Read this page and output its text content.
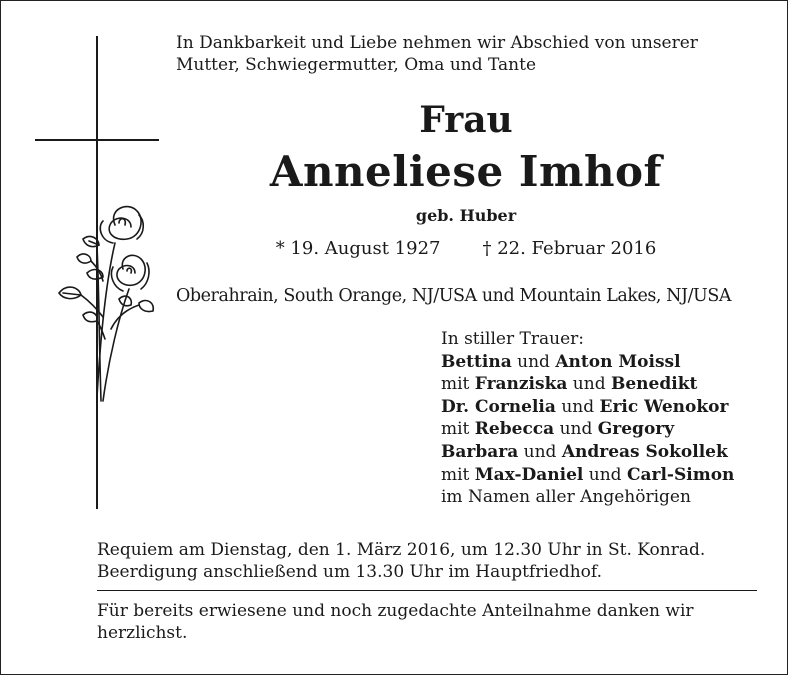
In Dankbarkeit und Liebe nehmen wir Abschied von unserer
Mutter, Schwiegermutter, Oma und Tante
Frau
Anneliese Imhof
geb. Huber
* 19. August 1927 † 22. Februar 2016
Oberahrain, South Orange, NJ/USA und Mountain Lakes, NJ/USA
In stiller Trauer:
Bettina und Anton Moissl
mit Franziska und Benedikt
Dr. Cornelia und Eric Wenokor
mit Rebecca und Gregory
Barbara und Andreas Sokollek
mit Max-Daniel und Carl-Simon
im Namen aller Angehörigen
Requiem am Dienstag, den 1. März 2016, um 12.30 Uhr in St. Konrad.
Beerdigung anschließend um 13.30 Uhr im Hauptfriedhof.
Für bereits erwiesene und noch zugedachte Anteilnahme danken wir
herzlichst.
